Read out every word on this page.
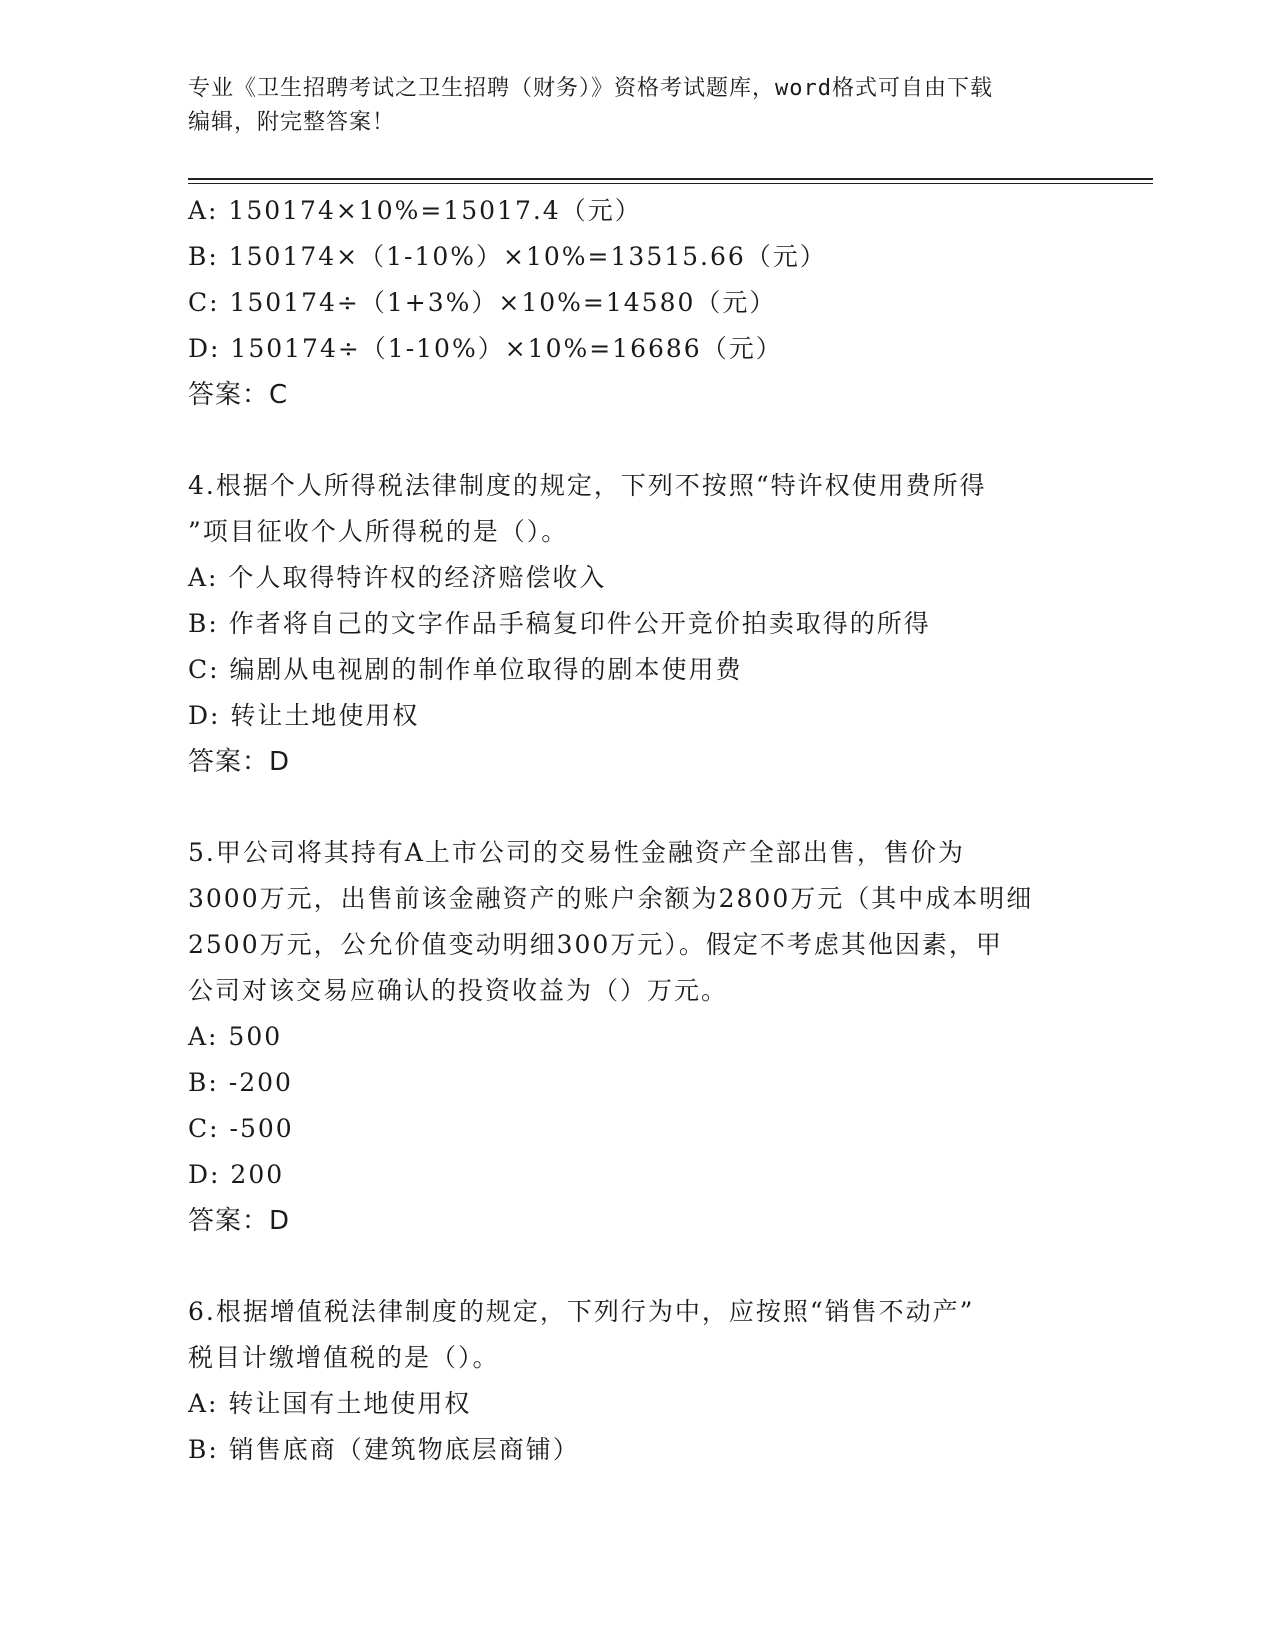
专业《卫生招聘考试之卫生招聘（财务）》资格考试题库，word格式可自由下载
编辑，附完整答案！
A: 150174×10%=15017.4（元）
B: 150174×（1-10%）×10%=13515.66（元）
C: 150174÷（1+3%）×10%=14580（元）
D: 150174÷（1-10%）×10%=16686（元）
答案：C
4.根据个人所得税法律制度的规定，下列不按照“特许权使用费所得
”项目征收个人所得税的是（）。
A: 个人取得特许权的经济赔偿收入
B: 作者将自己的文字作品手稿复印件公开竞价拍卖取得的所得
C: 编剧从电视剧的制作单位取得的剧本使用费
D: 转让土地使用权
答案：D
5.甲公司将其持有A上市公司的交易性金融资产全部出售，售价为
3000万元，出售前该金融资产的账户余额为2800万元（其中成本明细
2500万元，公允价值变动明细300万元）。假定不考虑其他因素，甲
公司对该交易应确认的投资收益为（）万元。
A: 500
B: -200
C: -500
D: 200
答案：D
6.根据增值税法律制度的规定，下列行为中，应按照“销售不动产”
税目计缴增值税的是（）。
A: 转让国有土地使用权
B: 销售底商（建筑物底层商铺）
